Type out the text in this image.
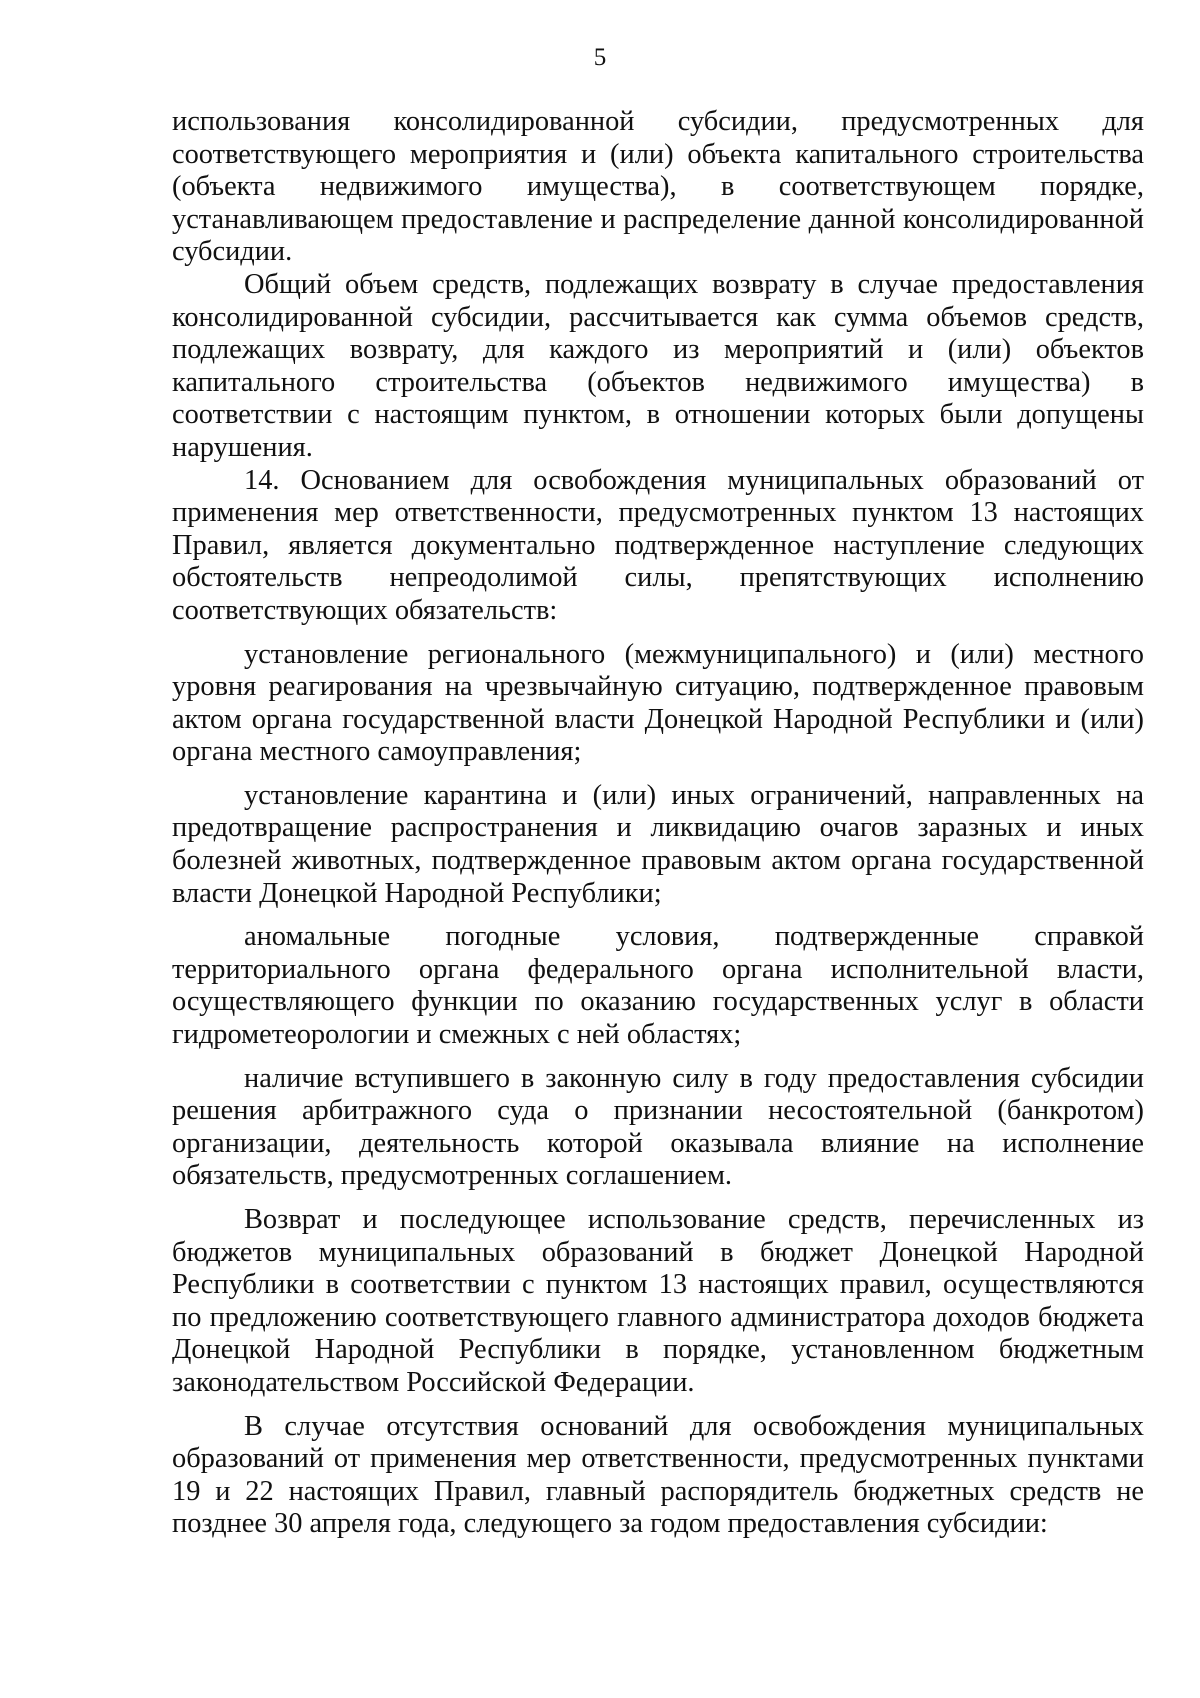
5

использования консолидированной субсидии, предусмотренных для соответствующего мероприятия и (или) объекта капитального строительства (объекта недвижимого имущества), в соответствующем порядке, устанавливающем предоставление и распределение данной консолидированной субсидии.

Общий объем средств, подлежащих возврату в случае предоставления консолидированной субсидии, рассчитывается как сумма объемов средств, подлежащих возврату, для каждого из мероприятий и (или) объектов капитального строительства (объектов недвижимого имущества) в соответствии с настоящим пунктом, в отношении которых были допущены нарушения.

14. Основанием для освобождения муниципальных образований от применения мер ответственности, предусмотренных пунктом 13 настоящих Правил, является документально подтвержденное наступление следующих обстоятельств непреодолимой силы, препятствующих исполнению соответствующих обязательств:

установление регионального (межмуниципального) и (или) местного уровня реагирования на чрезвычайную ситуацию, подтвержденное правовым актом органа государственной власти Донецкой Народной Республики и (или) органа местного самоуправления;

установление карантина и (или) иных ограничений, направленных на предотвращение распространения и ликвидацию очагов заразных и иных болезней животных, подтвержденное правовым актом органа государственной власти Донецкой Народной Республики;

аномальные погодные условия, подтвержденные справкой территориального органа федерального органа исполнительной власти, осуществляющего функции по оказанию государственных услуг в области гидрометеорологии и смежных с ней областях;

наличие вступившего в законную силу в году предоставления субсидии решения арбитражного суда о признании несостоятельной (банкротом) организации, деятельность которой оказывала влияние на исполнение обязательств, предусмотренных соглашением.

Возврат и последующее использование средств, перечисленных из бюджетов муниципальных образований в бюджет Донецкой Народной Республики в соответствии с пунктом 13 настоящих правил, осуществляются по предложению соответствующего главного администратора доходов бюджета Донецкой Народной Республики в порядке, установленном бюджетным законодательством Российской Федерации.

В случае отсутствия оснований для освобождения муниципальных образований от применения мер ответственности, предусмотренных пунктами 19 и 22 настоящих Правил, главный распорядитель бюджетных средств не позднее 30 апреля года, следующего за годом предоставления субсидии:
